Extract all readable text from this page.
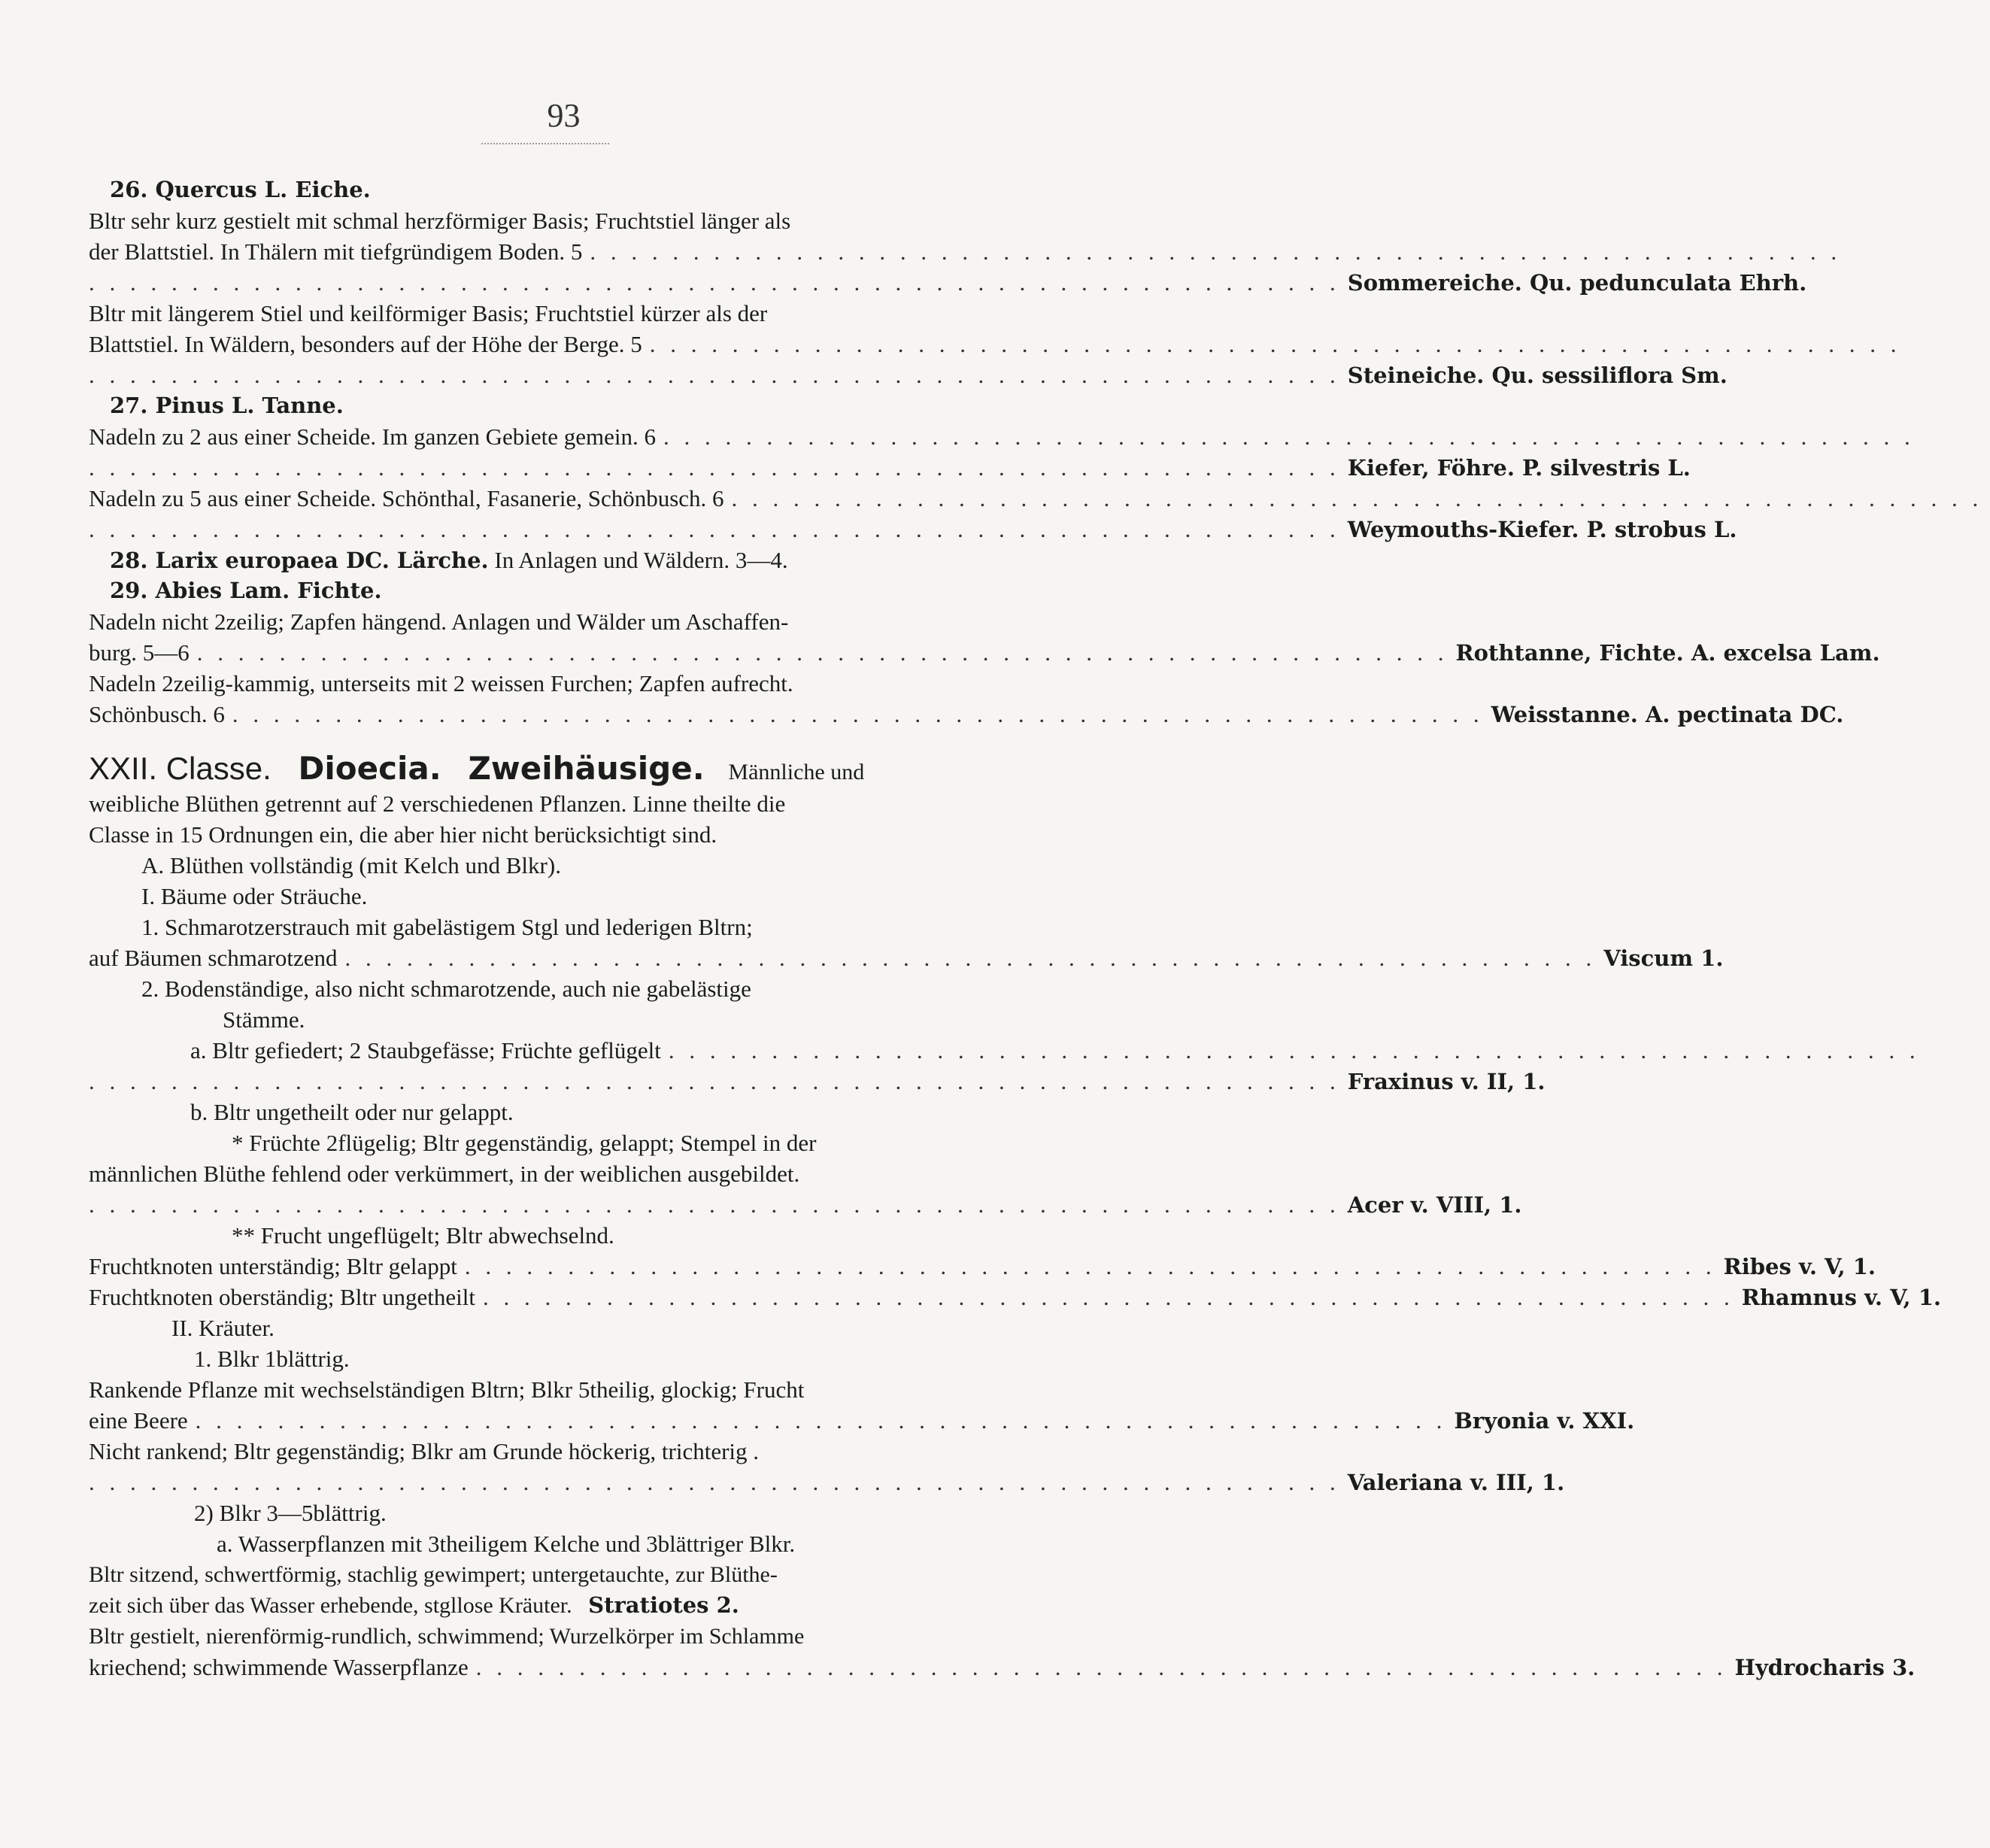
93
26. Quercus L. Eiche.
Bltr sehr kurz gestielt mit schmal herzförmiger Basis; Fruchtstiel länger als
der Blattstiel. In Thälern mit tiefgründigem Boden. 5 . . . . . . . . . . . . . . . . . . . . . . . . . . . . . . . . . . . . . . . . . . . . . . . . . . . . . . . . . . . . .
. . . . . . . . . . . . . . . . . . . . . . . . . . . . . . . . . . . . . . . . . . . . . . . . . . . . . . . . . . . . . Sommereiche. Qu. pedunculata Ehrh.
Bltr mit längerem Stiel und keilförmiger Basis; Fruchtstiel kürzer als der
Blattstiel. In Wäldern, besonders auf der Höhe der Berge. 5 . . . . . . . . . . . . . . . . . . . . . . . . . . . . . . . . . . . . . . . . . . . . . . . . . . . . . . . . . . . . .
. . . . . . . . . . . . . . . . . . . . . . . . . . . . . . . . . . . . . . . . . . . . . . . . . . . . . . . . . . . . . Steineiche. Qu. sessiliflora Sm.
27. Pinus L. Tanne.
Nadeln zu 2 aus einer Scheide. Im ganzen Gebiete gemein. 6 . . . . . . . . . . . . . . . . . . . . . . . . . . . . . . . . . . . . . . . . . . . . . . . . . . . . . . . . . . . . .
. . . . . . . . . . . . . . . . . . . . . . . . . . . . . . . . . . . . . . . . . . . . . . . . . . . . . . . . . . . . . Kiefer, Föhre. P. silvestris L.
Nadeln zu 5 aus einer Scheide. Schönthal, Fasanerie, Schönbusch. 6 . . . . . . . . . . . . . . . . . . . . . . . . . . . . . . . . . . . . . . . . . . . . . . . . . . . . . . . . . . . . .
. . . . . . . . . . . . . . . . . . . . . . . . . . . . . . . . . . . . . . . . . . . . . . . . . . . . . . . . . . . . . Weymouths-Kiefer. P. strobus L.
28. Larix europaea DC. Lärche. In Anlagen und Wäldern. 3—4.
29. Abies Lam. Fichte.
Nadeln nicht 2zeilig; Zapfen hängend. Anlagen und Wälder um Aschaffen-
burg. 5—6 . . . . . . . . . . . . . . . . . . . . . . . . . . . . . . . . . . . . . . . . . . . . . . . . . . . . . . . . . . . . . Rothtanne, Fichte. A. excelsa Lam.
Nadeln 2zeilig-kammig, unterseits mit 2 weissen Furchen; Zapfen aufrecht.
Schönbusch. 6 . . . . . . . . . . . . . . . . . . . . . . . . . . . . . . . . . . . . . . . . . . . . . . . . . . . . . . . . . . . . . Weisstanne. A. pectinata DC.
XXII. Classe. Dioecia. Zweihäusige. Männliche und
weibliche Blüthen getrennt auf 2 verschiedenen Pflanzen. Linne theilte die
Classe in 15 Ordnungen ein, die aber hier nicht berücksichtigt sind.
A. Blüthen vollständig (mit Kelch und Blkr).
I. Bäume oder Sträuche.
1. Schmarotzerstrauch mit gabelästigem Stgl und lederigen Bltrn;
auf Bäumen schmarotzend . . . . . . . . . . . . . . . . . . . . . . . . . . . . . . . . . . . . . . . . . . . . . . . . . . . . . . . . . . . . . Viscum 1.
2. Bodenständige, also nicht schmarotzende, auch nie gabelästige
Stämme.
a. Bltr gefiedert; 2 Staubgefässe; Früchte geflügelt . . . . . . . . . . . . . . . . . . . . . . . . . . . . . . . . . . . . . . . . . . . . . . . . . . . . . . . . . . . . .
. . . . . . . . . . . . . . . . . . . . . . . . . . . . . . . . . . . . . . . . . . . . . . . . . . . . . . . . . . . . . Fraxinus v. II, 1.
b. Bltr ungetheilt oder nur gelappt.
* Früchte 2flügelig; Bltr gegenständig, gelappt; Stempel in der
männlichen Blüthe fehlend oder verkümmert, in der weiblichen ausgebildet.
. . . . . . . . . . . . . . . . . . . . . . . . . . . . . . . . . . . . . . . . . . . . . . . . . . . . . . . . . . . . . Acer v. VIII, 1.
** Frucht ungeflügelt; Bltr abwechselnd.
Fruchtknoten unterständig; Bltr gelappt . . . . . . . . . . . . . . . . . . . . . . . . . . . . . . . . . . . . . . . . . . . . . . . . . . . . . . . . . . . . . Ribes v. V, 1.
Fruchtknoten oberständig; Bltr ungetheilt . . . . . . . . . . . . . . . . . . . . . . . . . . . . . . . . . . . . . . . . . . . . . . . . . . . . . . . . . . . . . Rhamnus v. V, 1.
II. Kräuter.
1. Blkr 1blättrig.
Rankende Pflanze mit wechselständigen Bltrn; Blkr 5theilig, glockig; Frucht
eine Beere . . . . . . . . . . . . . . . . . . . . . . . . . . . . . . . . . . . . . . . . . . . . . . . . . . . . . . . . . . . . . Bryonia v. XXI.
Nicht rankend; Bltr gegenständig; Blkr am Grunde höckerig, trichterig .
. . . . . . . . . . . . . . . . . . . . . . . . . . . . . . . . . . . . . . . . . . . . . . . . . . . . . . . . . . . . . Valeriana v. III, 1.
2) Blkr 3—5blättrig.
a. Wasserpflanzen mit 3theiligem Kelche und 3blättriger Blkr.
Bltr sitzend, schwertförmig, stachlig gewimpert; untergetauchte, zur Blüthe-
zeit sich über das Wasser erhebende, stgllose Kräuter. Stratiotes 2.
Bltr gestielt, nierenförmig-rundlich, schwimmend; Wurzelkörper im Schlamme
kriechend; schwimmende Wasserpflanze . . . . . . . . . . . . . . . . . . . . . . . . . . . . . . . . . . . . . . . . . . . . . . . . . . . . . . . . . . . . . Hydrocharis 3.
